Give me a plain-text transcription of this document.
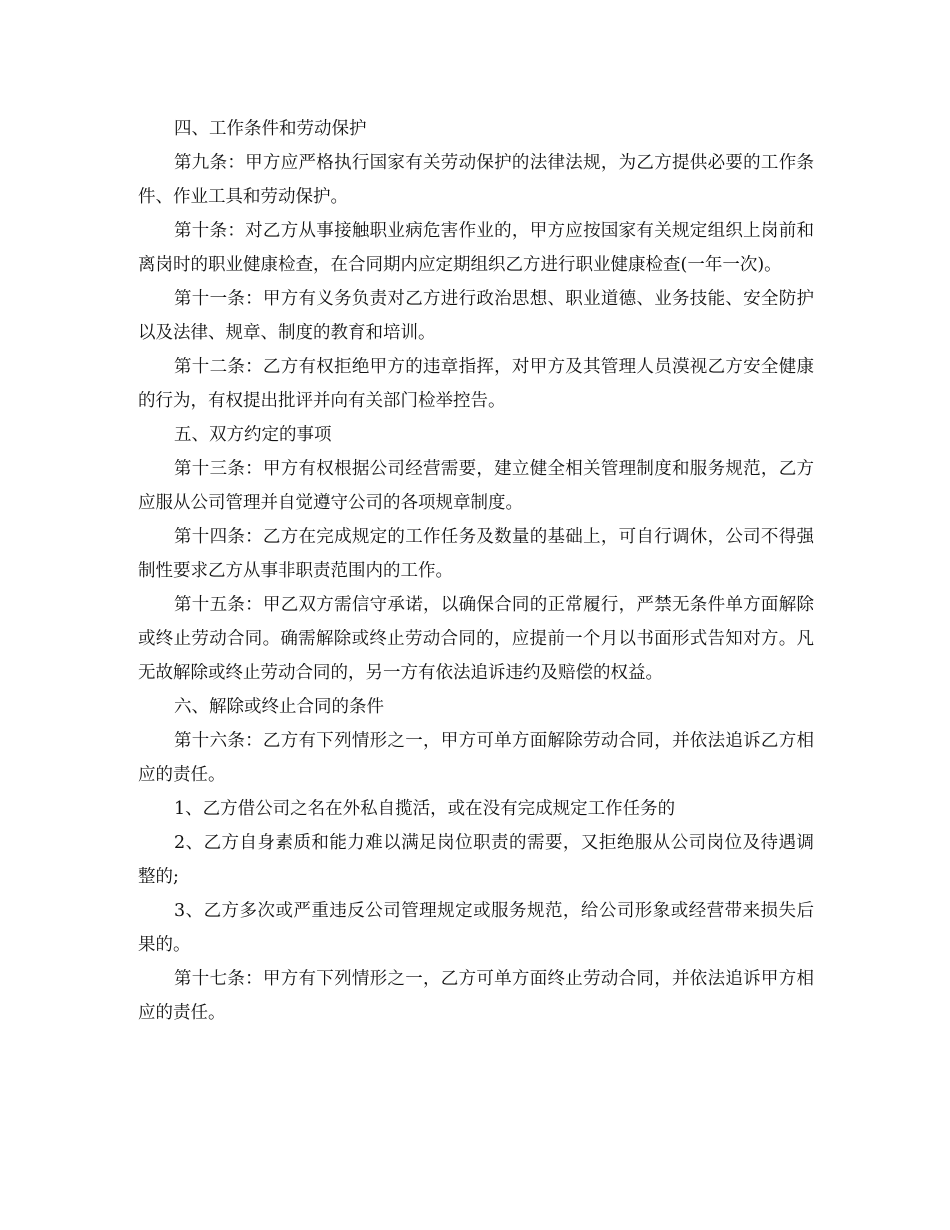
四、工作条件和劳动保护

第九条：甲方应严格执行国家有关劳动保护的法律法规，为乙方提供必要的工作条件、作业工具和劳动保护。

第十条：对乙方从事接触职业病危害作业的，甲方应按国家有关规定组织上岗前和离岗时的职业健康检查，在合同期内应定期组织乙方进行职业健康检查(一年一次)。

第十一条：甲方有义务负责对乙方进行政治思想、职业道德、业务技能、安全防护以及法律、规章、制度的教育和培训。

第十二条：乙方有权拒绝甲方的违章指挥，对甲方及其管理人员漠视乙方安全健康的行为，有权提出批评并向有关部门检举控告。

五、双方约定的事项

第十三条：甲方有权根据公司经营需要，建立健全相关管理制度和服务规范，乙方应服从公司管理并自觉遵守公司的各项规章制度。

第十四条：乙方在完成规定的工作任务及数量的基础上，可自行调休，公司不得强制性要求乙方从事非职责范围内的工作。

第十五条：甲乙双方需信守承诺，以确保合同的正常履行，严禁无条件单方面解除或终止劳动合同。确需解除或终止劳动合同的，应提前一个月以书面形式告知对方。凡无故解除或终止劳动合同的，另一方有依法追诉违约及赔偿的权益。

六、解除或终止合同的条件

第十六条：乙方有下列情形之一，甲方可单方面解除劳动合同，并依法追诉乙方相应的责任。

1、乙方借公司之名在外私自揽活，或在没有完成规定工作任务的

2、乙方自身素质和能力难以满足岗位职责的需要，又拒绝服从公司岗位及待遇调整的;

3、乙方多次或严重违反公司管理规定或服务规范，给公司形象或经营带来损失后果的。

第十七条：甲方有下列情形之一，乙方可单方面终止劳动合同，并依法追诉甲方相应的责任。
